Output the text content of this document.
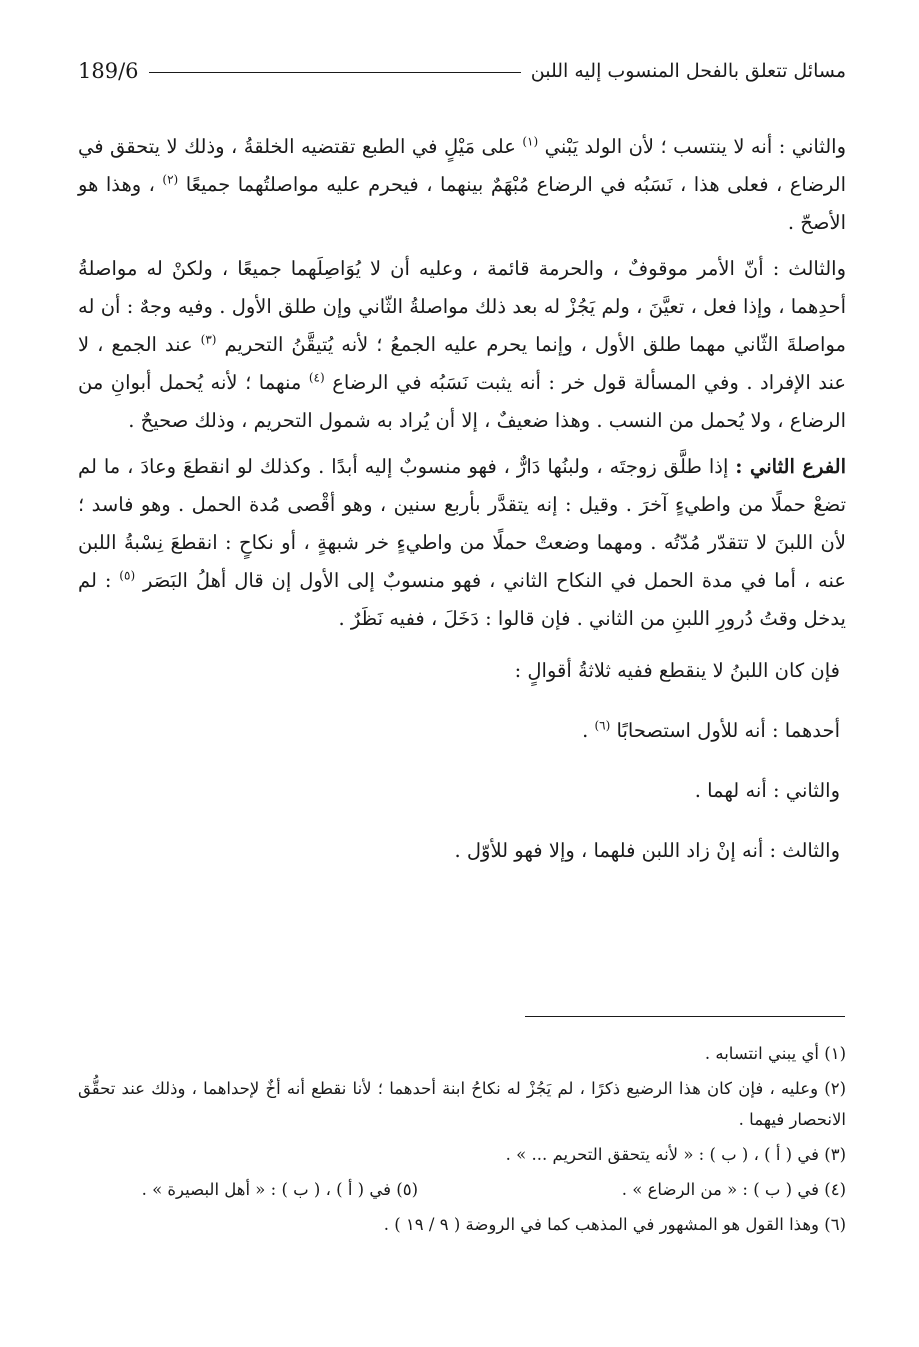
189/6	مسائل تتعلق بالفحل المنسوب إليه اللبن

والثاني : أنه لا ينتسب ؛ لأن الولد يَبْني $^{(١)}$ على مَيْلٍ في الطبع تقتضيه الخلقةُ ، وذلك لا يتحقق في الرضاع ، فعلى هذا ، نَسَبُه في الرضاع مُبْهَمٌ بينهما ، فيحرم عليه مواصلتُهما جميعًا $^{(٢)}$ ، وهذا هو الأصحّ .

والثالث : أنّ الأمر موقوفٌ ، والحرمة قائمة ، وعليه أن لا يُوَاصِلَهما جميعًا ، ولكنْ له مواصلةُ أحدِهما ، وإذا فعل ، تعيَّنَ ، ولم يَجُزْ له بعد ذلك مواصلةُ الثّاني وإن طلق الأول . وفيه وجهٌ : أن له مواصلةَ الثّاني مهما طلق الأول ، وإنما يحرم عليه الجمعُ ؛ لأنه يُتيقَّنُ التحريم $^{(٣)}$ عند الجمع ، لا عند الإفراد . وفي المسألة قول خر : أنه يثبت نَسَبُه في الرضاع $^{(٤)}$ منهما ؛ لأنه يُحمل أبوانِ من الرضاع ، ولا يُحمل من النسب . وهذا ضعيفٌ ، إلا أن يُراد به شمول التحريم ، وذلك صحيحٌ .

الفرع الثاني : إذا طلَّق زوجتَه ، ولبنُها دَارٌّ ، فهو منسوبٌ إليه أبدًا . وكذلك لو انقطعَ وعادَ ، ما لم تضعْ حملًا من واطيءٍ آخرَ . وقيل : إنه يتقدَّر بأربع سنين ، وهو أقْصى مُدة الحمل . وهو فاسد ؛ لأن اللبنَ لا تتقدّر مُدّتُه . ومهما وضعتْ حملًا من واطيءٍ خر شبهةٍ ، أو نكاحٍ : انقطعَ نِسْبةُ اللبن عنه ، أما في مدة الحمل في النكاح الثاني ، فهو منسوبٌ إلى الأول إن قال أهلُ البَصَر $^{(٥)}$ : لم يدخل وقتُ دُرورِ اللبنِ من الثاني . فإن قالوا : دَخَلَ ، ففيه نَظَرٌ .

فإن كان اللبنُ لا ينقطع ففيه ثلاثةُ أقوالٍ :

أحدهما : أنه للأول استصحابًا $^{(٦)}$ .

والثاني : أنه لهما .

والثالث : أنه إنْ زاد اللبن فلهما ، وإلا فهو للأوّل .

(١) أي يبني انتسابه .

(٢) وعليه ، فإن كان هذا الرضيع ذكرًا ، لم يَجُزْ له نكاحُ ابنة أحدهما ؛ لأنا نقطع أنه أخٌ لإحداهما ، وذلك عند تحقُّق الانحصار فيهما .

(٣) في ( أ ) ، ( ب ) : « لأنه يتحقق التحريم ... » .

(٤) في ( ب ) : « من الرضاع » .
(٥) في ( أ ) ، ( ب ) : « أهل البصيرة » .

(٦) وهذا القول هو المشهور في المذهب كما في الروضة ( ٩ / ١٩ ) .
